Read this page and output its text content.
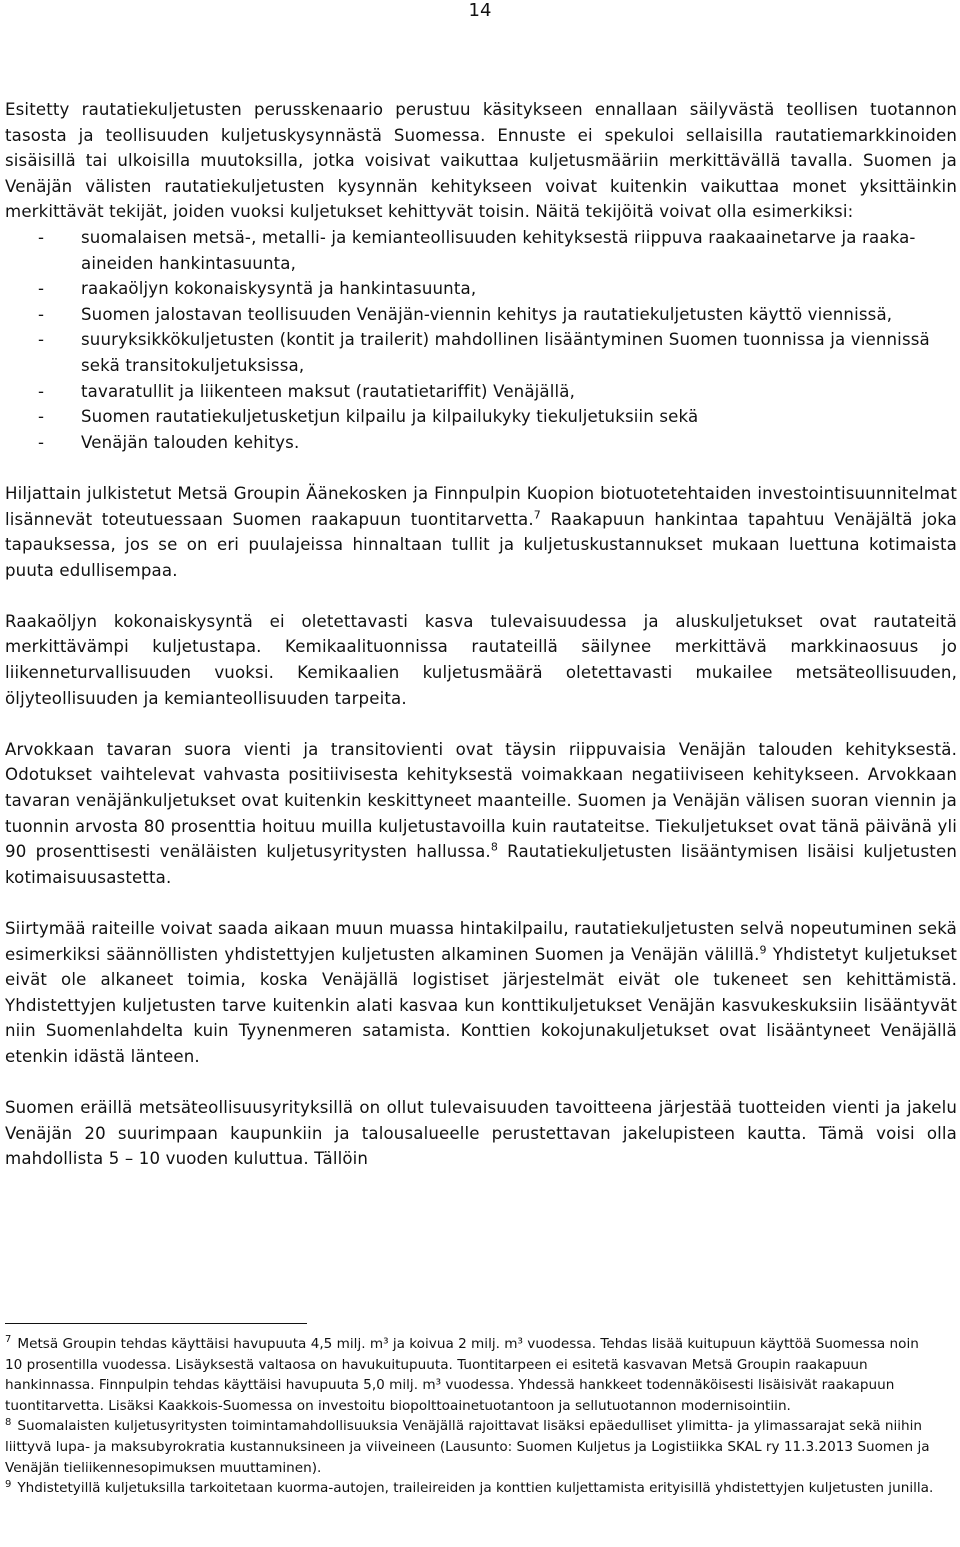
14

Esitetty rautatiekuljetusten perusskenaario perustuu käsitykseen ennallaan säilyvästä teollisen tuotannon tasosta ja teollisuuden kuljetuskysynnästä Suomessa. Ennuste ei spekuloi sellaisilla rautatiemarkkinoiden sisäisillä tai ulkoisilla muutoksilla, jotka voisivat vaikuttaa kuljetusmääriin merkittävällä tavalla. Suomen ja Venäjän välisten rautatiekuljetusten kysynnän kehitykseen voivat kuitenkin vaikuttaa monet yksittäinkin merkittävät tekijät, joiden vuoksi kuljetukset kehittyvät toisin. Näitä tekijöitä voivat olla esimerkiksi:

- suomalaisen metsä-, metalli- ja kemianteollisuuden kehityksestä riippuva raakaainetarve ja raaka-aineiden hankintasuunta,
- raakaöljyn kokonaiskysyntä ja hankintasuunta,
- Suomen jalostavan teollisuuden Venäjän-viennin kehitys ja rautatiekuljetusten käyttö viennissä,
- suuryksikkökuljetusten (kontit ja trailerit) mahdollinen lisääntyminen Suomen tuonnissa ja viennissä sekä transitokuljetuksissa,
- tavaratullit ja liikenteen maksut (rautatietariffit) Venäjällä,
- Suomen rautatiekuljetusketjun kilpailu ja kilpailukyky tiekuljetuksiin sekä
- Venäjän talouden kehitys.

Hiljattain julkistetut Metsä Groupin Äänekosken ja Finnpulpin Kuopion biotuotetehtaiden investointisuunnitelmat lisännevät toteutuessaan Suomen raakapuun tuontitarvetta.$^7$ Raakapuun hankintaa tapahtuu Venäjältä joka tapauksessa, jos se on eri puulajeissa hinnaltaan tullit ja kuljetuskustannukset mukaan luettuna kotimaista puuta edullisempaa.

Raakaöljyn kokonaiskysyntä ei oletettavasti kasva tulevaisuudessa ja aluskuljetukset ovat rautateitä merkittävämpi kuljetustapa. Kemikaalituonnissa rautateillä säilynee merkittävä markkinaosuus jo liikenneturvallisuuden vuoksi. Kemikaalien kuljetusmäärä oletettavasti mukailee metsäteollisuuden, öljyteollisuuden ja kemianteollisuuden tarpeita.

Arvokkaan tavaran suora vienti ja transitovienti ovat täysin riippuvaisia Venäjän talouden kehityksestä. Odotukset vaihtelevat vahvasta positiivisesta kehityksestä voimakkaan negatiiviseen kehitykseen. Arvokkaan tavaran venäjänkuljetukset ovat kuitenkin keskittyneet maanteille. Suomen ja Venäjän välisen suoran viennin ja tuonnin arvosta 80 prosenttia hoituu muilla kuljetustavoilla kuin rautateitse. Tiekuljetukset ovat tänä päivänä yli 90 prosenttisesti venäläisten kuljetusyritysten hallussa.$^8$ Rautatiekuljetusten lisääntymisen lisäisi kuljetusten kotimaisuusastetta.

Siirtymää raiteille voivat saada aikaan muun muassa hintakilpailu, rautatiekuljetusten selvä nopeutuminen sekä esimerkiksi säännöllisten yhdistettyjen kuljetusten alkaminen Suomen ja Venäjän välillä.$^9$ Yhdistetyt kuljetukset eivät ole alkaneet toimia, koska Venäjällä logistiset järjestelmät eivät ole tukeneet sen kehittämistä. Yhdistettyjen kuljetusten tarve kuitenkin alati kasvaa kun konttikuljetukset Venäjän kasvukeskuksiin lisääntyvät niin Suomenlahdelta kuin Tyynenmeren satamista. Konttien kokojunakuljetukset ovat lisääntyneet Venäjällä etenkin idästä länteen.

Suomen eräillä metsäteollisuusyrityksillä on ollut tulevaisuuden tavoitteena järjestää tuotteiden vienti ja jakelu Venäjän 20 suurimpaan kaupunkiin ja talousalueelle perustettavan jakelupisteen kautta. Tämä voisi olla mahdollista 5 – 10 vuoden kuluttua. Tällöin

$^7$ Metsä Groupin tehdas käyttäisi havupuuta 4,5 milj. m³ ja koivua 2 milj. m³ vuodessa. Tehdas lisää kuitupuun käyttöä Suomessa noin 10 prosentilla vuodessa. Lisäyksestä valtaosa on havukuitupuuta. Tuontitarpeen ei esitetä kasvavan Metsä Groupin raakapuun hankinnassa. Finnpulpin tehdas käyttäisi havupuuta 5,0 milj. m³ vuodessa. Yhdessä hankkeet todennäköisesti lisäisivät raakapuun tuontitarvetta. Lisäksi Kaakkois-Suomessa on investoitu biopolttoainetuotantoon ja sellutuotannon modernisointiin.

$^8$ Suomalaisten kuljetusyritysten toimintamahdollisuuksia Venäjällä rajoittavat lisäksi epäedulliset ylimitta- ja ylimassarajat sekä niihin liittyvä lupa- ja maksubyrokratia kustannuksineen ja viiveineen (Lausunto: Suomen Kuljetus ja Logistiikka SKAL ry 11.3.2013 Suomen ja Venäjän tieliikennesopimuksen muuttaminen).

$^9$ Yhdistetyillä kuljetuksilla tarkoitetaan kuorma-autojen, traileireiden ja konttien kuljettamista erityisillä yhdistettyjen kuljetusten junilla.
